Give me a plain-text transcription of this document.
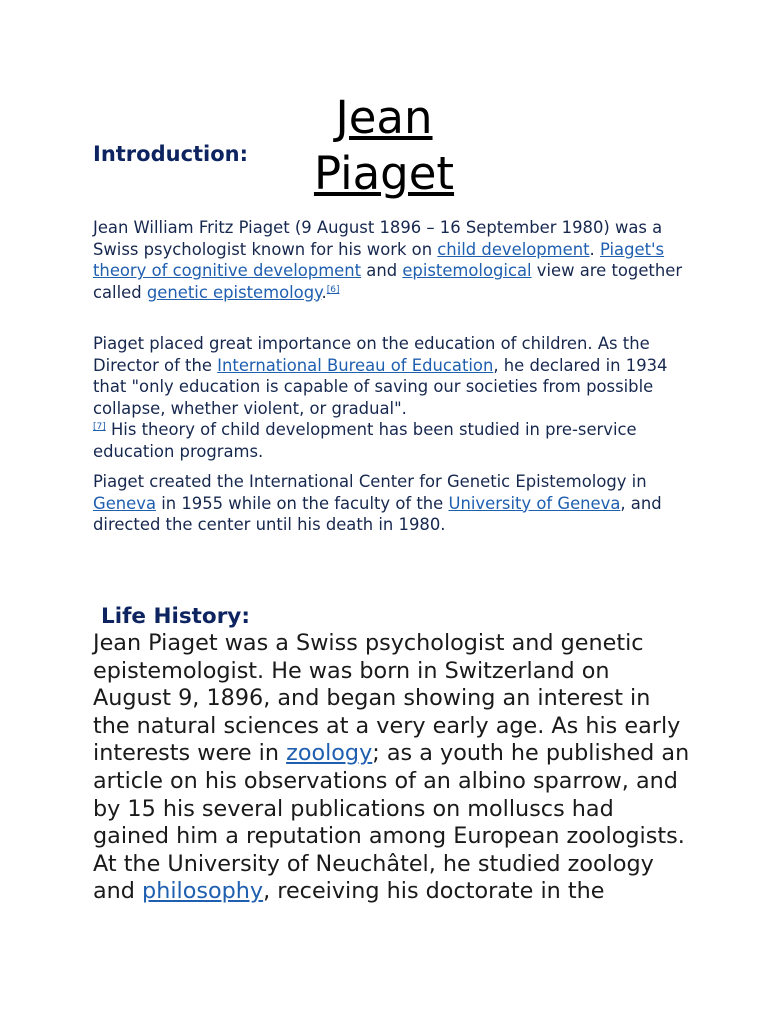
Jean
Piaget
Introduction:

Jean William Fritz Piaget (9 August 1896 – 16 September 1980) was a Swiss psychologist known for his work on child development. Piaget's theory of cognitive development and epistemological view are together called genetic epistemology.[6]

Piaget placed great importance on the education of children. As the Director of the International Bureau of Education, he declared in 1934 that "only education is capable of saving our societies from possible collapse, whether violent, or gradual".
[7] His theory of child development has been studied in pre-service education programs.

Piaget created the International Center for Genetic Epistemology in Geneva in 1955 while on the faculty of the University of Geneva, and directed the center until his death in 1980.

Life History:

Jean Piaget was a Swiss psychologist and genetic epistemologist. He was born in Switzerland on August 9, 1896, and began showing an interest in the natural sciences at a very early age. As his early interests were in zoology; as a youth he published an article on his observations of an albino sparrow, and by 15 his several publications on molluscs had gained him a reputation among European zoologists. At the University of Neuchâtel, he studied zoology and philosophy, receiving his doctorate in the
